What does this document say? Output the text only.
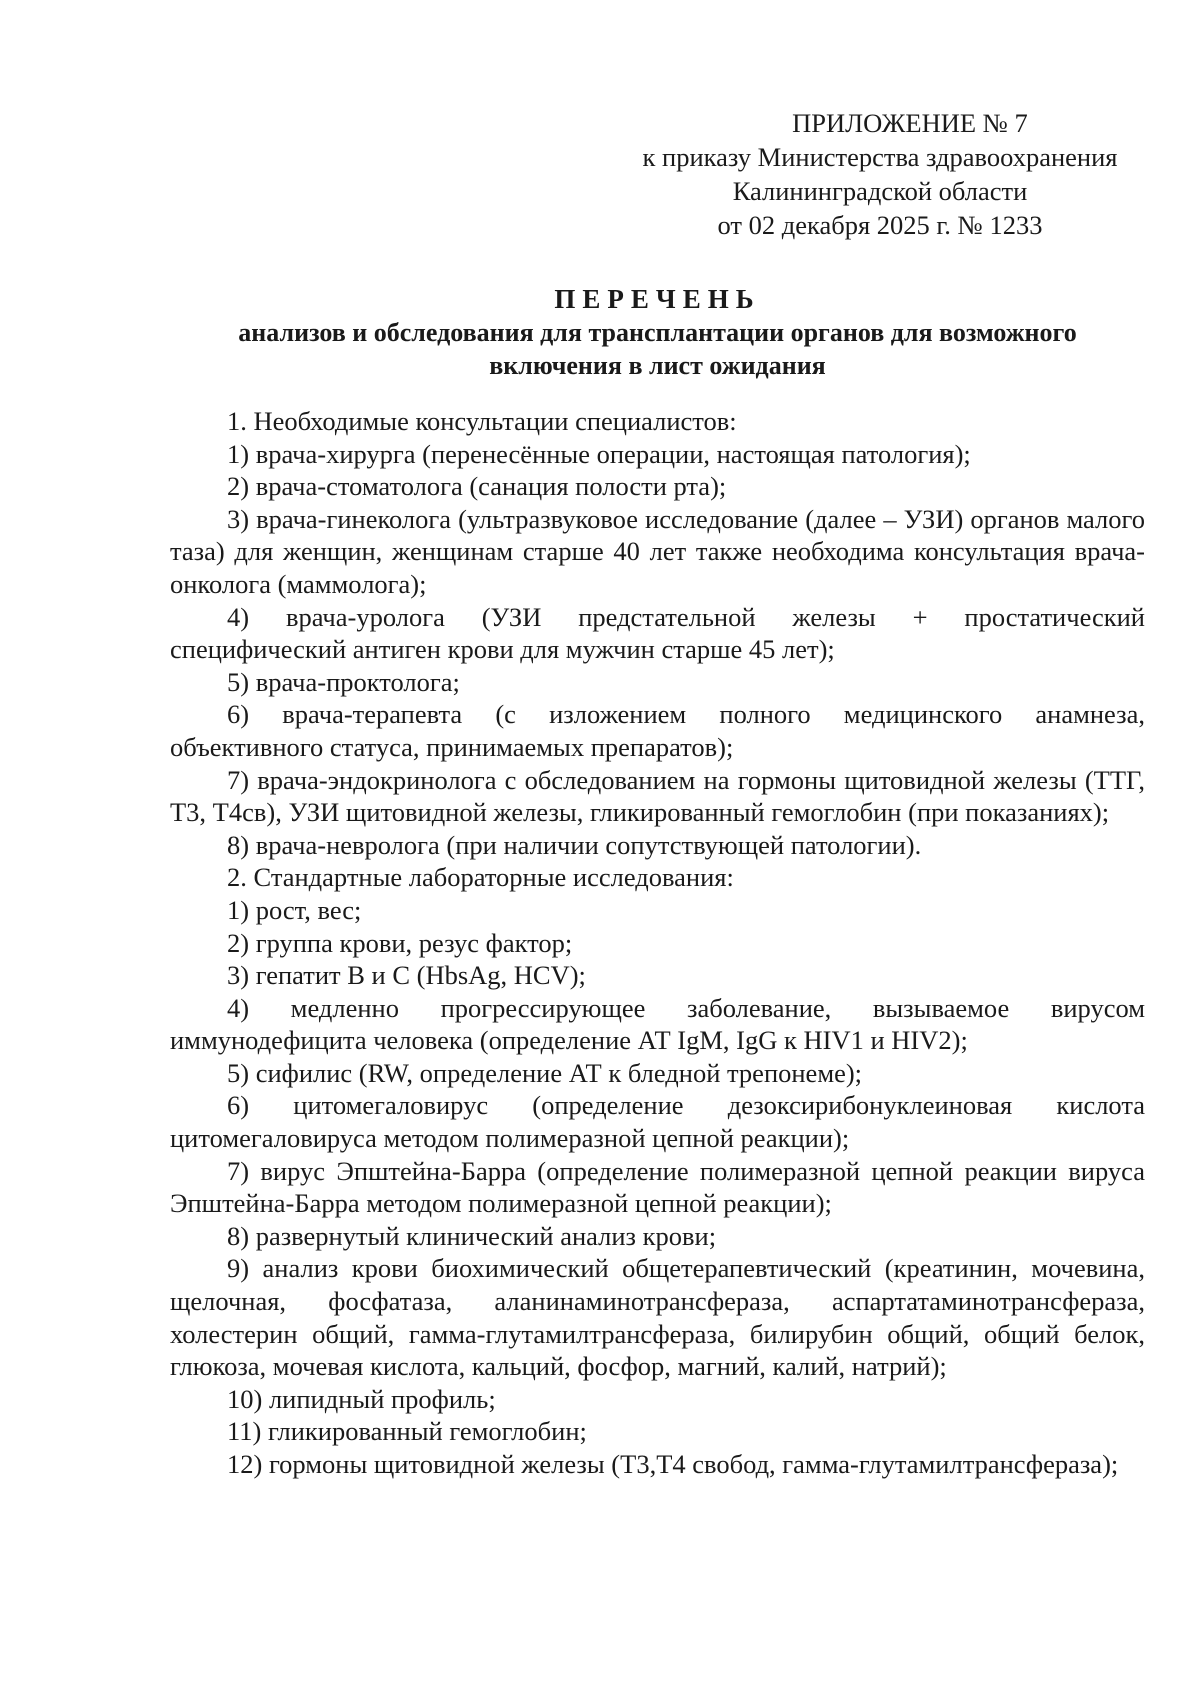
ПРИЛОЖЕНИЕ № 7
к приказу Министерства здравоохранения
Калининградской области
от 02 декабря 2025 г. № 1233
ПЕРЕЧЕНЬ
анализов и обследования для трансплантации органов для возможного
включения в лист ожидания

1. Необходимые консультации специалистов:

1) врача-хирурга (перенесённые операции, настоящая патология);

2) врача-стоматолога (санация полости рта);

3) врача-гинеколога (ультразвуковое исследование (далее – УЗИ) органов малого таза) для женщин, женщинам старше 40 лет также необходима консультация врача-онколога (маммолога);

4) врача-уролога (УЗИ предстательной железы + простатический специфический антиген крови для мужчин старше 45 лет);

5) врача-проктолога;

6) врача-терапевта (с изложением полного медицинского анамнеза, объективного статуса, принимаемых препаратов);

7) врача-эндокринолога с обследованием на гормоны щитовидной железы (ТТГ, Т3, Т4св), УЗИ щитовидной железы, гликированный гемоглобин (при показаниях);

8) врача-невролога (при наличии сопутствующей патологии).

2. Стандартные лабораторные исследования:

1) рост, вес;

2) группа крови, резус фактор;

3) гепатит В и С (HbsAg, HCV);

4) медленно прогрессирующее заболевание, вызываемое вирусом иммунодефицита человека (определение АТ IgM, IgG к HIV1 и HIV2);

5) сифилис (RW, определение АТ к бледной трепонеме);

6) цитомегаловирус (определение дезоксирибонуклеиновая кислота цитомегаловируса методом полимеразной цепной реакции);

7) вирус Эпштейна-Барра (определение полимеразной цепной реакции вируса Эпштейна-Барра методом полимеразной цепной реакции);

8) развернутый клинический анализ крови;

9) анализ крови биохимический общетерапевтический (креатинин, мочевина, щелочная, фосфатаза, аланинаминотрансфераза, аспартатаминотрансфераза, холестерин общий, гамма-глутамилтрансфераза, билирубин общий, общий белок, глюкоза, мочевая кислота, кальций, фосфор, магний, калий, натрий);

10) липидный профиль;

11) гликированный гемоглобин;

12) гормоны щитовидной железы (Т3,Т4 свобод, гамма-глутамилтрансфераза);
